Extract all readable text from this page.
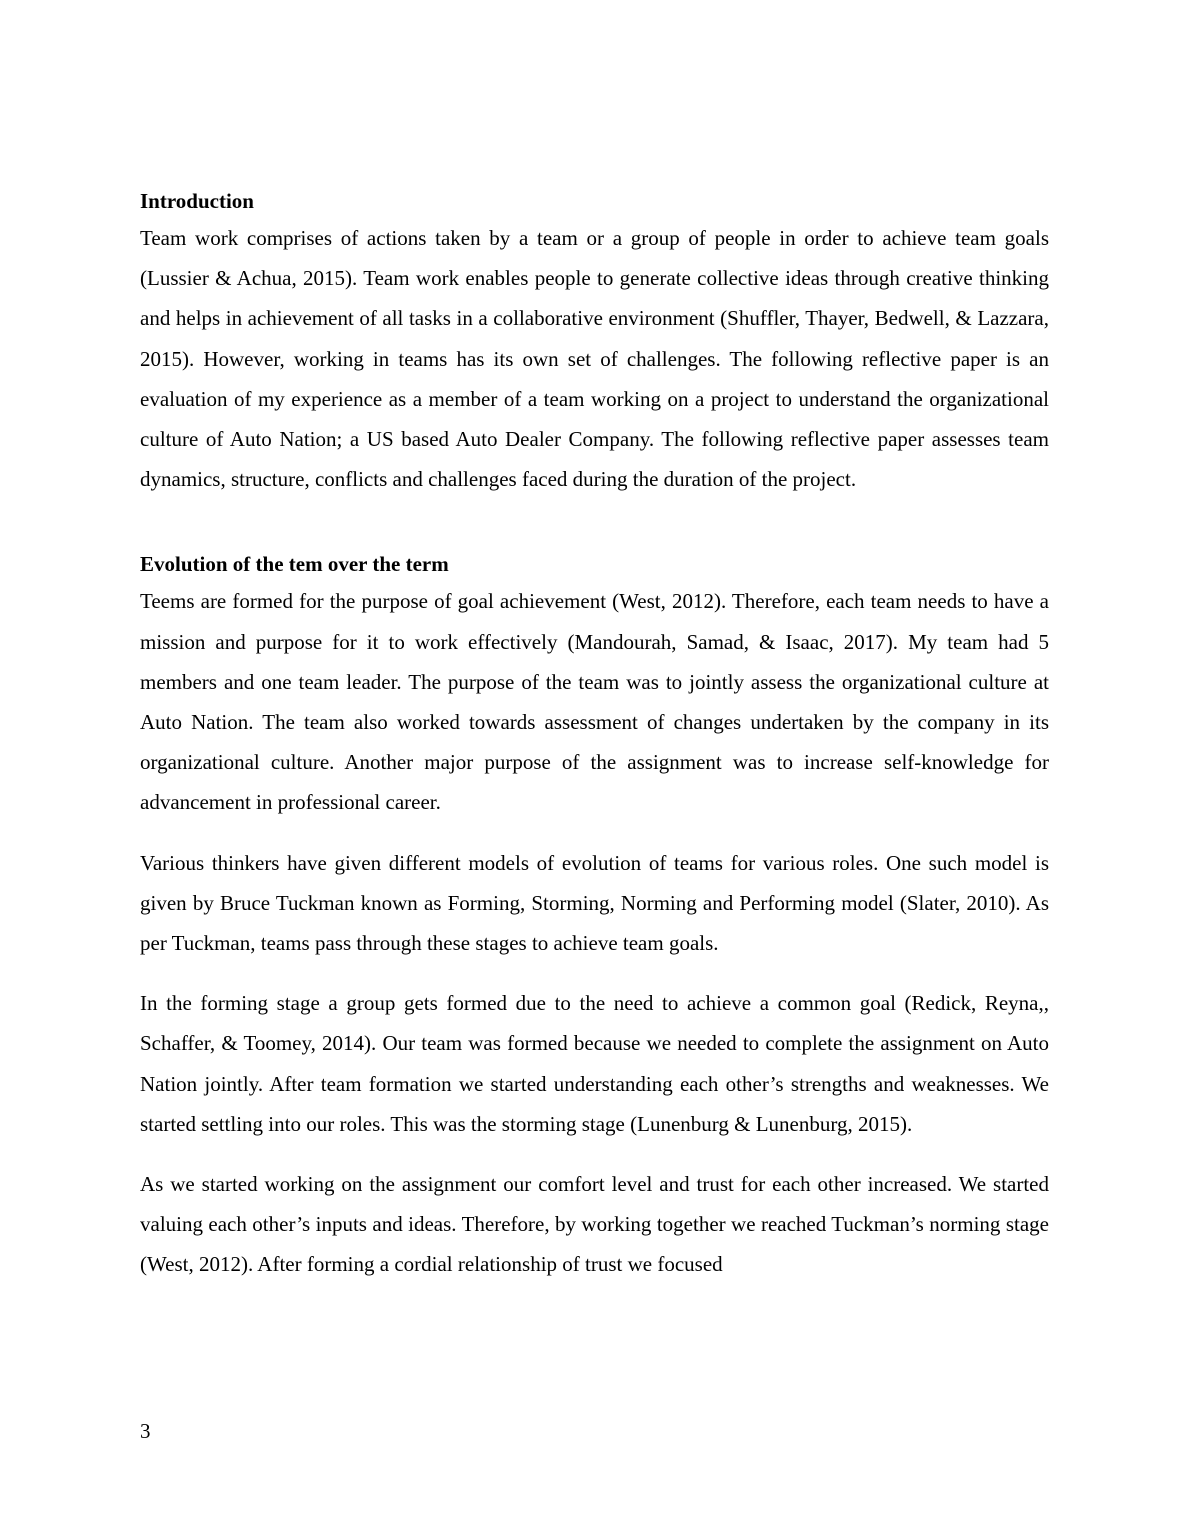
Introduction

Team work comprises of actions taken by a team or a group of people in order to achieve team goals (Lussier & Achua, 2015). Team work enables people to generate collective ideas through creative thinking and helps in achievement of all tasks in a collaborative environment (Shuffler, Thayer, Bedwell, & Lazzara, 2015). However, working in teams has its own set of challenges. The following reflective paper is an evaluation of my experience as a member of a team working on a project to understand the organizational culture of Auto Nation; a US based Auto Dealer Company. The following reflective paper assesses team dynamics, structure, conflicts and challenges faced during the duration of the project.

Evolution of the tem over the term

Teems are formed for the purpose of goal achievement (West, 2012). Therefore, each team needs to have a mission and purpose for it to work effectively (Mandourah, Samad, & Isaac, 2017). My team had 5 members and one team leader. The purpose of the team was to jointly assess the organizational culture at Auto Nation. The team also worked towards assessment of changes undertaken by the company in its organizational culture. Another major purpose of the assignment was to increase self-knowledge for advancement in professional career.

Various thinkers have given different models of evolution of teams for various roles. One such model is given by Bruce Tuckman known as Forming, Storming, Norming and Performing model (Slater, 2010). As per Tuckman, teams pass through these stages to achieve team goals.

In the forming stage a group gets formed due to the need to achieve a common goal (Redick, Reyna,, Schaffer, & Toomey, 2014). Our team was formed because we needed to complete the assignment on Auto Nation jointly. After team formation we started understanding each other’s strengths and weaknesses. We started settling into our roles. This was the storming stage (Lunenburg & Lunenburg, 2015).

As we started working on the assignment our comfort level and trust for each other increased. We started valuing each other’s inputs and ideas. Therefore, by working together we reached Tuckman’s norming stage (West, 2012). After forming a cordial relationship of trust we focused

3
